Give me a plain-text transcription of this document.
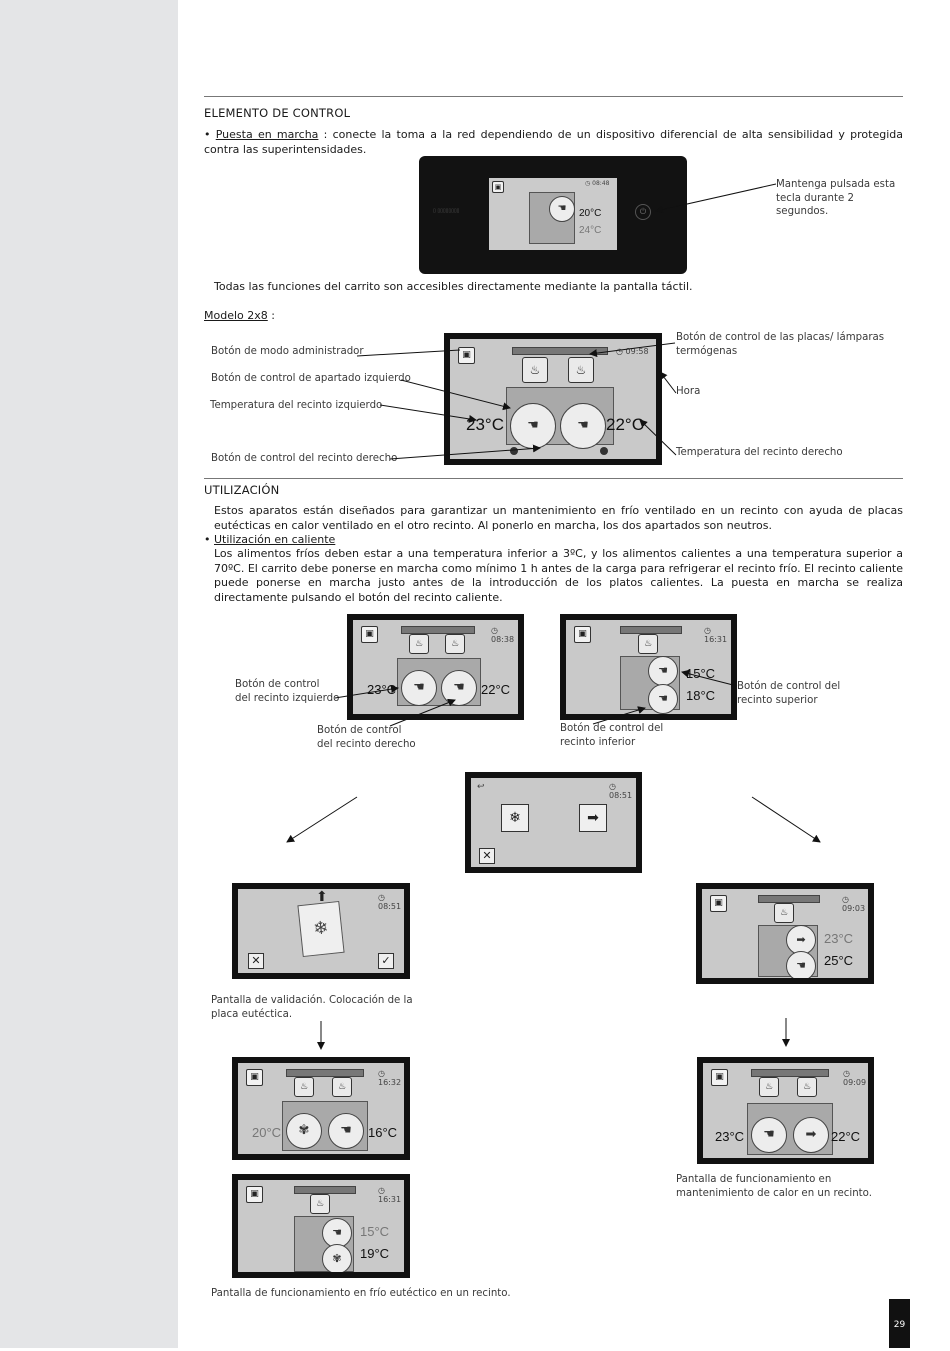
ELEMENTO DE CONTROL
• Puesta en marcha : conecte la toma a la red dependiendo de un dispositivo diferencial de alta sensibilidad y protegida contra las superintensidades.
▯ ▯▯▯▯▯▯▯▯
▣	◷ 08:48
☚	20°C
24°C
⏻
Mantenga pulsada esta
tecla durante 2
segundos.
Todas las funciones del carrito son accesibles directamente mediante la pantalla táctil.
Modelo 2x8 :
▣	◷ 09:58
♨	♨
☚	☚
23°C	22°C
Botón de modo administrador
Botón de control de apartado izquierdo
Temperatura del recinto izquierdo
Botón de control del recinto derecho
Botón de control de las placas/ lámparas
termógenas
Hora
Temperatura del recinto derecho
UTILIZACIÓN
Estos aparatos están diseñados para garantizar un mantenimiento en frío ventilado en un recinto con ayuda de placas eutécticas en calor ventilado en el otro recinto. Al ponerlo en marcha, los dos apartados son neutros.
• Utilización en caliente
Los alimentos fríos deben estar a una temperatura inferior a 3ºC, y los alimentos calientes a una temperatura superior a 70ºC. El carrito debe ponerse en marcha como mínimo 1 h antes de la carga para refrigerar el recinto frío. El recinto caliente puede ponerse en marcha justo antes de la introducción de los platos calientes. La puesta en marcha se realiza directamente pulsando el botón del recinto caliente.
▣	◷ 08:38
♨	♨
☚	☚
23°C	22°C
▣	◷ 16:31
♨
☚
☚
15°C
18°C
Botón de control
del recinto izquierdo
Botón de control
del recinto derecho
Botón de control del
recinto superior
Botón de control del
recinto inferior
◷ 08:51
↩
❄	➡
✕
◷ 08:51
❄
⬆
✕	✓
▣	◷ 09:03
♨
➡
☚
23°C
25°C
Pantalla de validación. Colocación de la
placa eutéctica.
▣	◷ 16:32
♨	♨
✾	☚
20°C	16°C
▣	◷ 09:09
♨	♨
☚	➡
23°C	22°C
Pantalla de funcionamiento en
mantenimiento de calor en un recinto.
▣	◷ 16:31
♨
☚
✾
15°C
19°C
Pantalla de funcionamiento en frío eutéctico en un recinto.
29
